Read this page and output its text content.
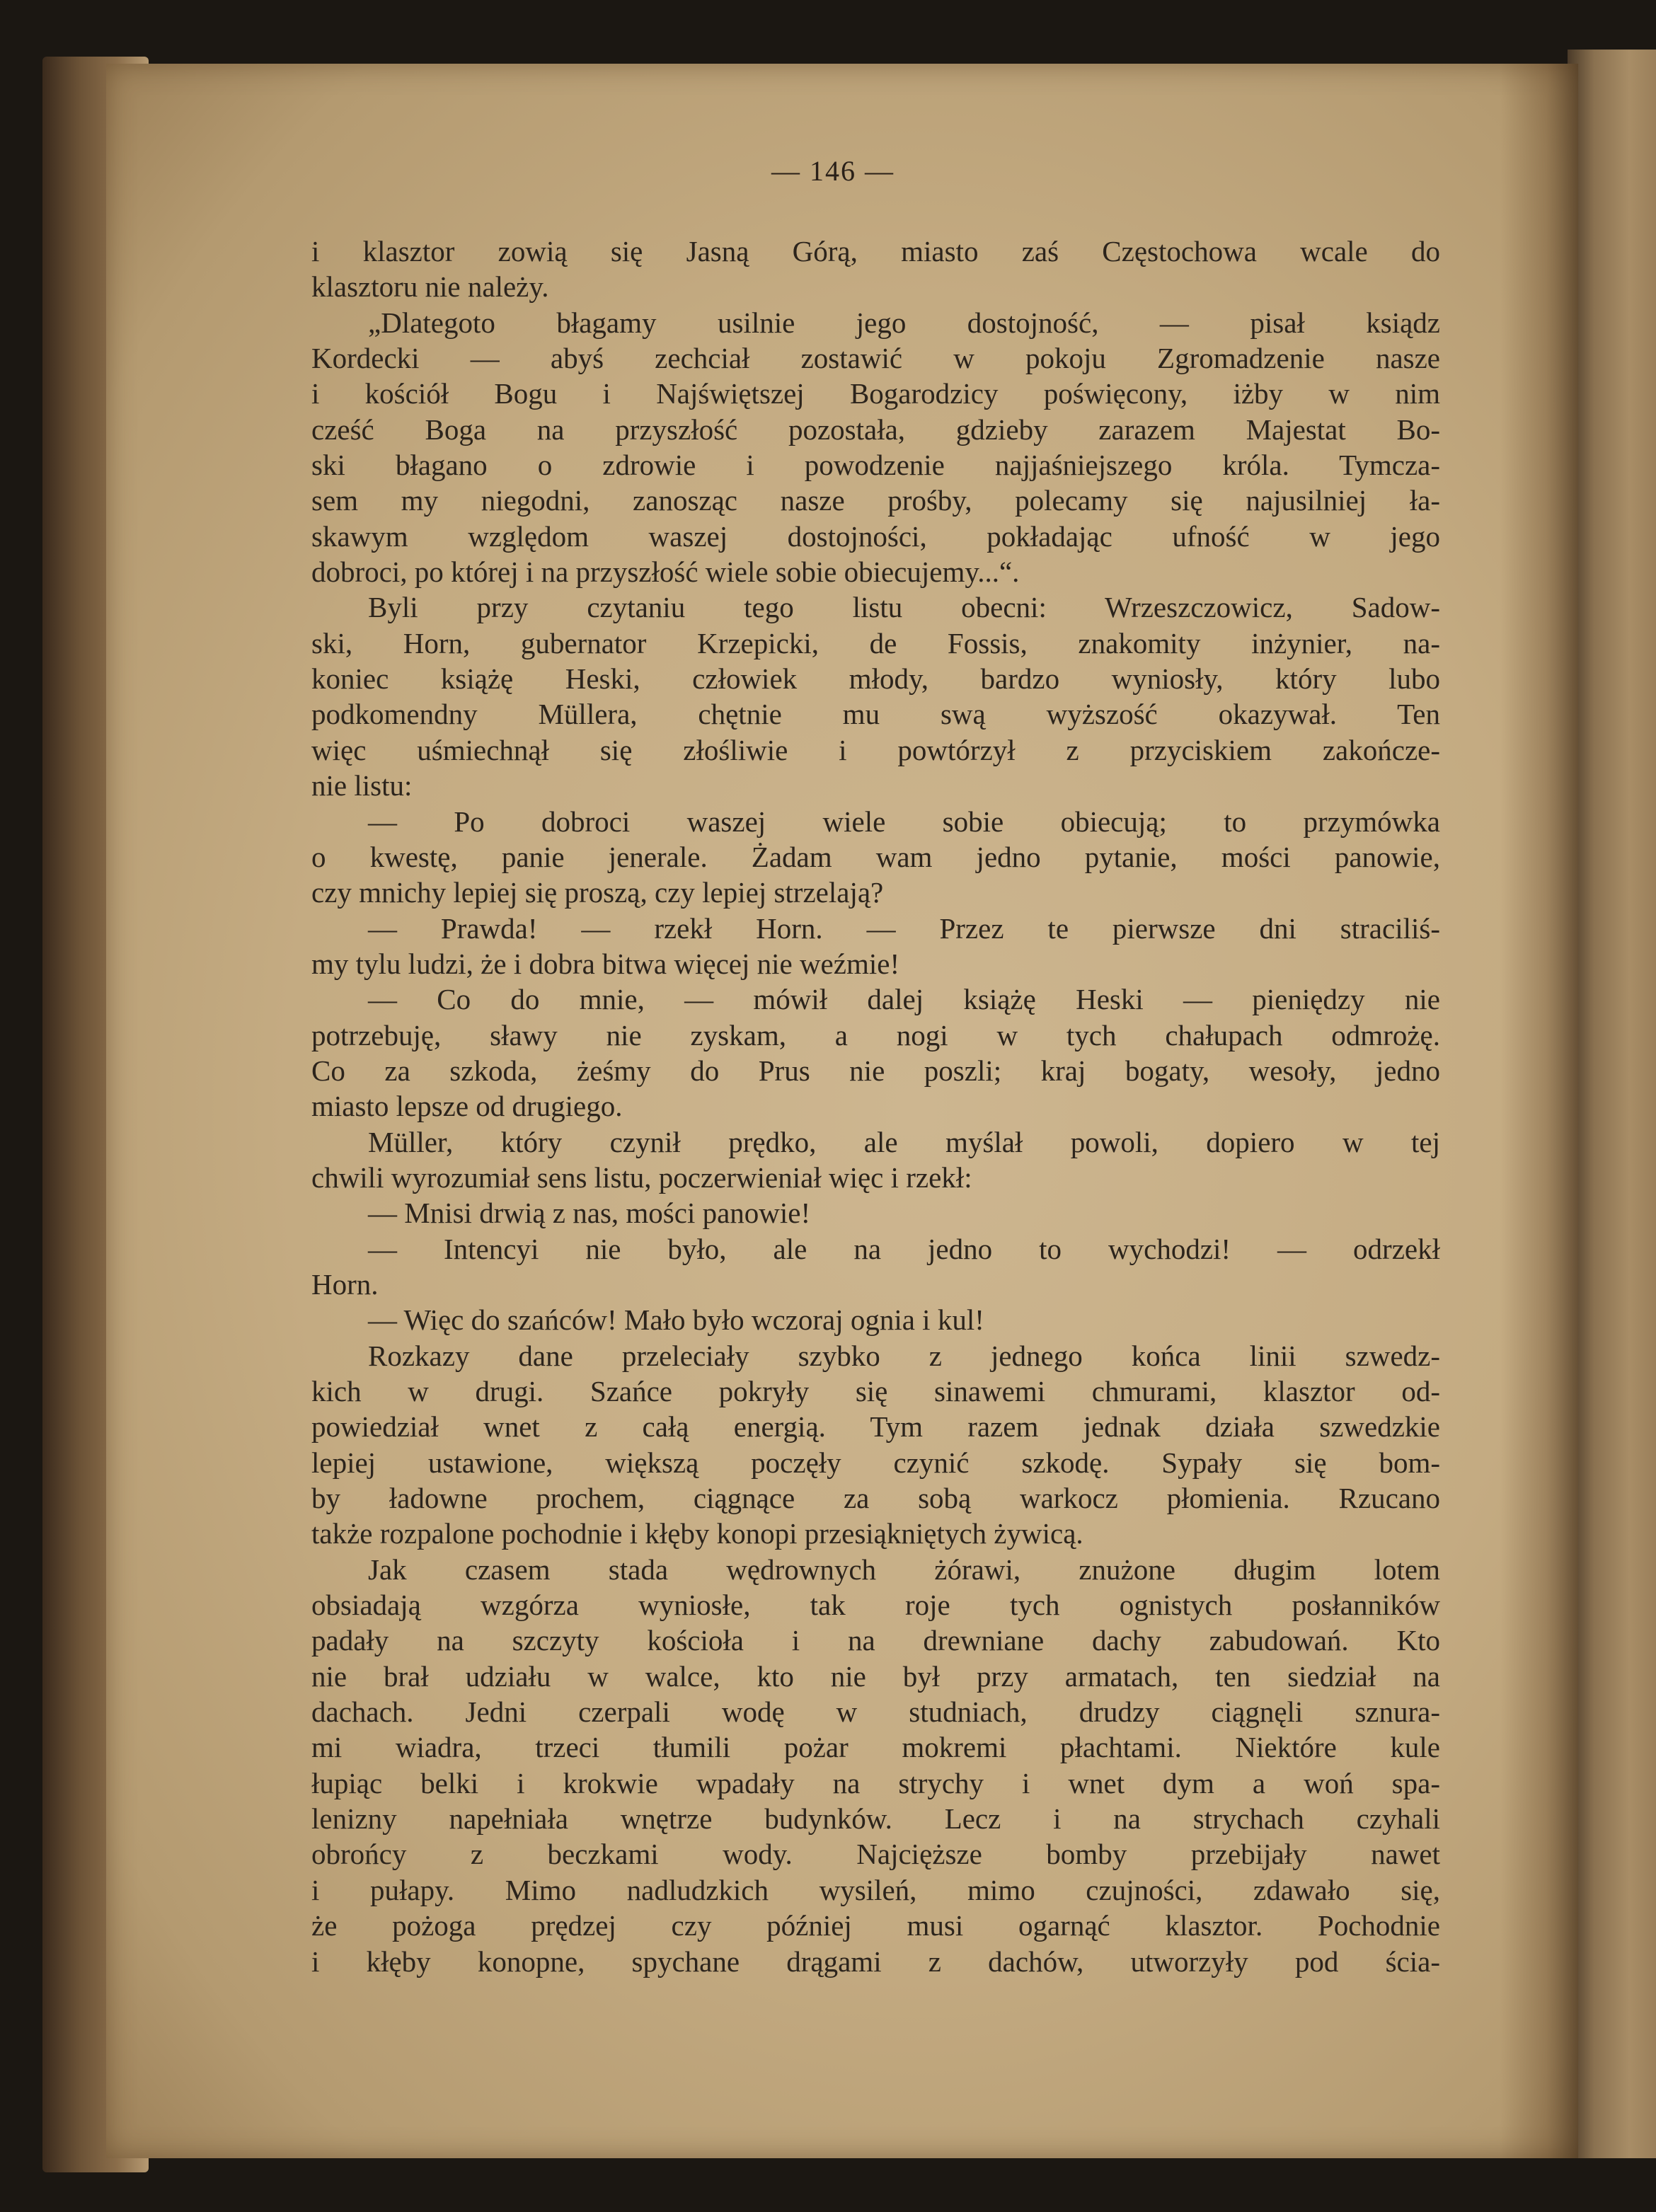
— 146 —
i klasztor zowią się Jasną Górą, miasto zaś Częstochowa wcale do
klasztoru nie należy.
„Dlategoto błagamy usilnie jego dostojność, — pisał ksiądz
Kordecki — abyś zechciał zostawić w pokoju Zgromadzenie nasze
i kościół Bogu i Najświętszej Bogarodzicy poświęcony, iżby w nim
cześć Boga na przyszłość pozostała, gdzieby zarazem Majestat Bo-
ski błagano o zdrowie i powodzenie najjaśniejszego króla. Tymcza-
sem my niegodni, zanosząc nasze prośby, polecamy się najusilniej ła-
skawym względom waszej dostojności, pokładając ufność w jego
dobroci, po której i na przyszłość wiele sobie obiecujemy...“.
Byli przy czytaniu tego listu obecni: Wrzeszczowicz, Sadow-
ski, Horn, gubernator Krzepicki, de Fossis, znakomity inżynier, na-
koniec książę Heski, człowiek młody, bardzo wyniosły, który lubo
podkomendny Müllera, chętnie mu swą wyższość okazywał. Ten
więc uśmiechnął się złośliwie i powtórzył z przyciskiem zakończe-
nie listu:
— Po dobroci waszej wiele sobie obiecują; to przymówka
o kwestę, panie jenerale. Żadam wam jedno pytanie, mości panowie,
czy mnichy lepiej się proszą, czy lepiej strzelają?
— Prawda! — rzekł Horn. — Przez te pierwsze dni straciliś-
my tylu ludzi, że i dobra bitwa więcej nie weźmie!
— Co do mnie, — mówił dalej książę Heski — pieniędzy nie
potrzebuję, sławy nie zyskam, a nogi w tych chałupach odmrożę.
Co za szkoda, żeśmy do Prus nie poszli; kraj bogaty, wesoły, jedno
miasto lepsze od drugiego.
Müller, który czynił prędko, ale myślał powoli, dopiero w tej
chwili wyrozumiał sens listu, poczerwieniał więc i rzekł:
— Mnisi drwią z nas, mości panowie!
— Intencyi nie było, ale na jedno to wychodzi! — odrzekł
Horn.
— Więc do szańców! Mało było wczoraj ognia i kul!
Rozkazy dane przeleciały szybko z jednego końca linii szwedz-
kich w drugi. Szańce pokryły się sinawemi chmurami, klasztor od-
powiedział wnet z całą energią. Tym razem jednak działa szwedzkie
lepiej ustawione, większą poczęły czynić szkodę. Sypały się bom-
by ładowne prochem, ciągnące za sobą warkocz płomienia. Rzucano
także rozpalone pochodnie i kłęby konopi przesiąkniętych żywicą.
Jak czasem stada wędrownych żórawi, znużone długim lotem
obsiadają wzgórza wyniosłe, tak roje tych ognistych posłanników
padały na szczyty kościoła i na drewniane dachy zabudowań. Kto
nie brał udziału w walce, kto nie był przy armatach, ten siedział na
dachach. Jedni czerpali wodę w studniach, drudzy ciągnęli sznura-
mi wiadra, trzeci tłumili pożar mokremi płachtami. Niektóre kule
łupiąc belki i krokwie wpadały na strychy i wnet dym a woń spa-
lenizny napełniała wnętrze budynków. Lecz i na strychach czyhali
obrońcy z beczkami wody. Najcięższe bomby przebijały nawet
i pułapy. Mimo nadludzkich wysileń, mimo czujności, zdawało się,
że pożoga prędzej czy później musi ogarnąć klasztor. Pochodnie
i kłęby konopne, spychane drągami z dachów, utworzyły pod ścia-
